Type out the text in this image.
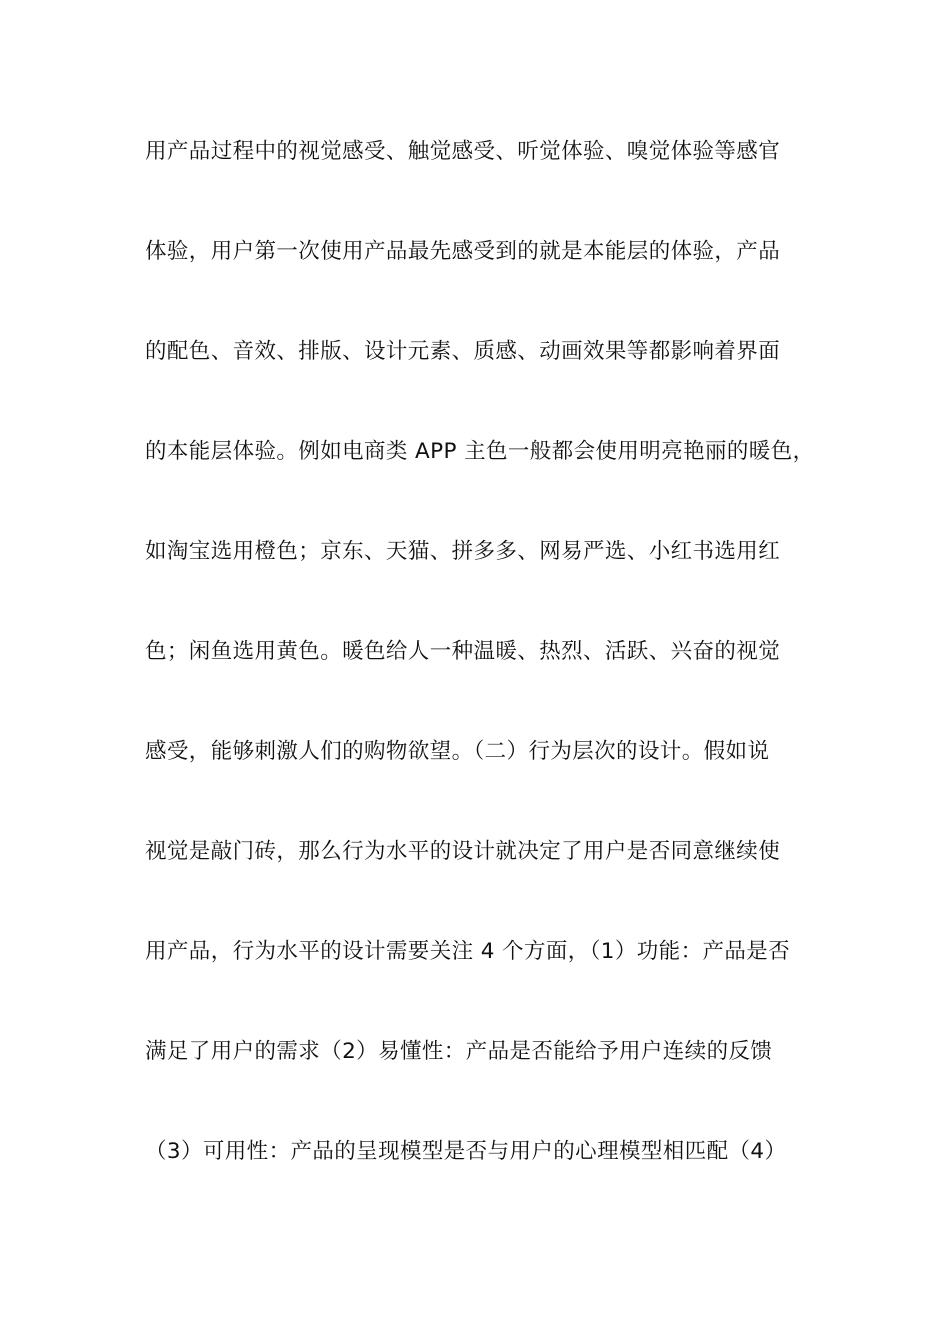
用产品过程中的视觉感受、触觉感受、听觉体验、嗅觉体验等感官
体验，用户第一次使用产品最先感受到的就是本能层的体验，产品
的配色、音效、排版、设计元素、质感、动画效果等都影响着界面
的本能层体验。例如电商类 APP 主色一般都会使用明亮艳丽的暖色，
如淘宝选用橙色；京东、天猫、拼多多、网易严选、小红书选用红
色；闲鱼选用黄色。暖色给人一种温暖、热烈、活跃、兴奋的视觉
感受，能够刺激人们的购物欲望。（二）行为层次的设计。假如说
视觉是敲门砖，那么行为水平的设计就决定了用户是否同意继续使
用产品，行为水平的设计需要关注 4 个方面，（1）功能：产品是否
满足了用户的需求（2）易懂性：产品是否能给予用户连续的反馈
（3）可用性：产品的呈现模型是否与用户的心理模型相匹配（4）
